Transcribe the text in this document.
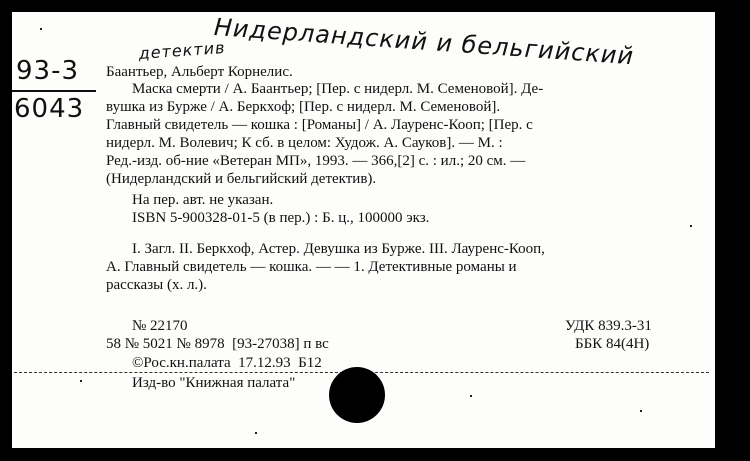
Нидерландский и бельгийский

детектив

93-3

6043

Баантьер, Альберт Корнелис.

Маска смерти / А. Баантьер; [Пер. с нидерл. М. Семеновой]. Де-

вушка из Бурже / А. Беркхоф; [Пер. с нидерл. М. Семеновой].

Главный свидетель — кошка : [Романы] / А. Лауренс-Кооп; [Пер. с

нидерл. М. Волевич; К сб. в целом: Худож. А. Сауков]. — М. :

Ред.-изд. об-ние «Ветеран МП», 1993. — 366,[2] с. : ил.; 20 см. —

(Нидерландский и бельгийский детектив).

На пер. авт. не указан.

ISBN 5-900328-01-5 (в пер.) : Б. ц., 100000 экз.

I. Загл. II. Беркхоф, Астер. Девушка из Бурже. III. Лауренс-Кооп,

А. Главный свидетель — кошка. — — 1. Детективные романы и

рассказы (х. л.).

№ 22170	УДК 839.3-31

58 № 5021 № 8978  [93-27038] п вс	ББК 84(4Н)

©Рос.кн.палата  17.12.93  Б12

Изд-во "Книжная палата"
